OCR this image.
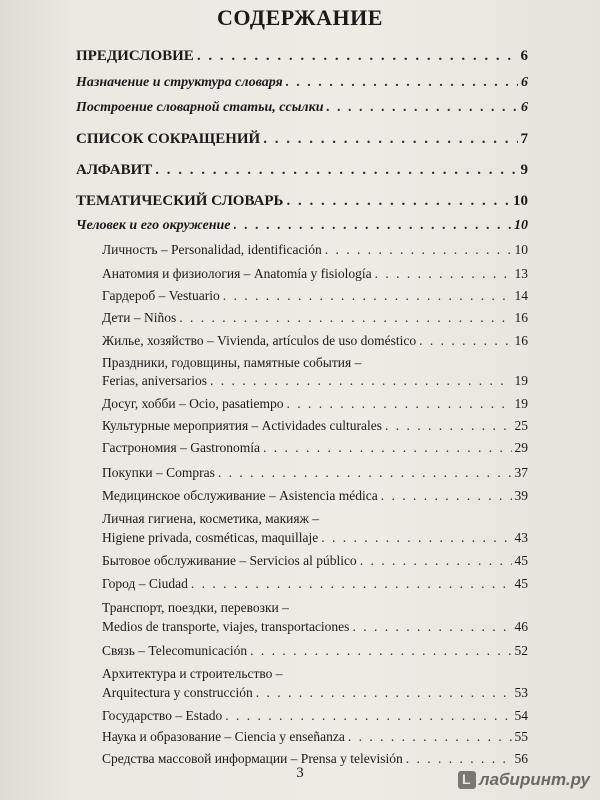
СОДЕРЖАНИЕ
ПРЕДИСЛОВИЕ . . .	6
Назначение и структура словаря . . .	6
Построение словарной статьи, ссылки . . .	6
СПИСОК СОКРАЩЕНИЙ . . .	7
АЛФАВИТ . . .	9
ТЕМАТИЧЕСКИЙ СЛОВАРЬ . . .	10
Человек и его окружение . . .	10
Личность – Personalidad, identificación . . .	10
Анатомия и физиология – Anatomía y fisiología . . .	13
Гардероб – Vestuario . . .	14
Дети – Niños . . .	16
Жилье, хозяйство – Vivienda, artículos de uso doméstico . . .	16
Праздники, годовщины, памятные события –
Ferias, aniversarios . . .	19
Досуг, хобби – Ocio, pasatiempo . . .	19
Культурные мероприятия – Actividades culturales . . .	25
Гастрономия – Gastronomía . . .	29
Покупки – Compras . . .	37
Медицинское обслуживание – Asistencia médica . . .	39
Личная гигиена, косметика, макияж –
Higiene privada, cosméticas, maquillaje . . .	43
Бытовое обслуживание – Servicios al público . . .	45
Город – Ciudad . . .	45
Транспорт, поездки, перевозки –
Medios de transporte, viajes, transportaciones . . .	46
Связь – Telecomunicación . . .	52
Архитектура и строительство –
Arquitectura y construcción . . .	53
Государство – Estado . . .	54
Наука и образование – Ciencia y enseñanza . . .	55
Средства массовой информации – Prensa y televisión . . .	56
3 L	лабиринт.ру
